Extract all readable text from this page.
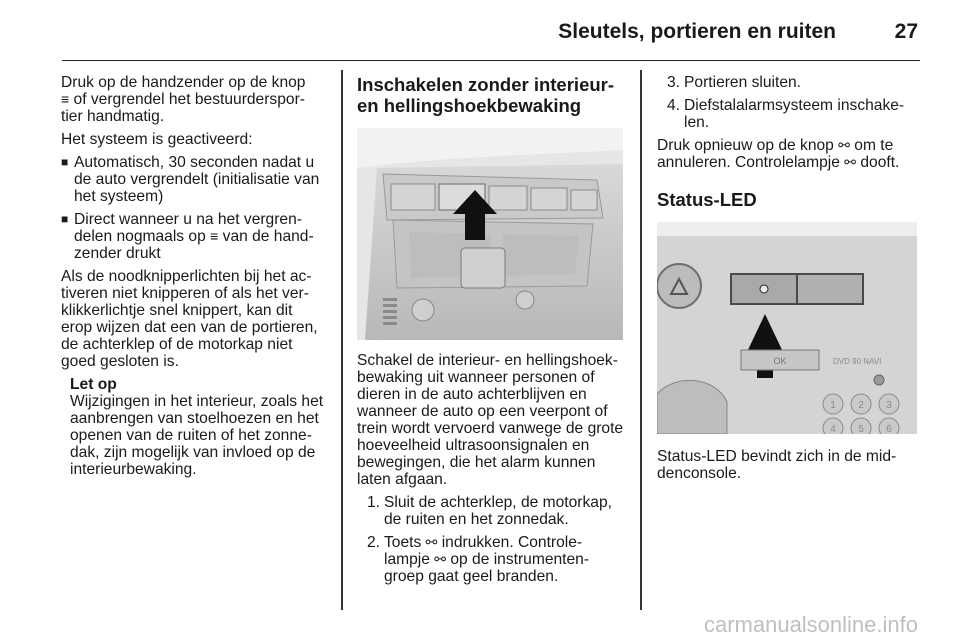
Sleutels, portieren en ruiten	27

Druk op de handzender op de knop
≡ of vergrendel het bestuurderspor- tier handmatig.

Het systeem is geactiveerd:

■ Automatisch, 30 seconden nadat u de auto vergrendelt (initialisatie van het systeem)
■ Direct wanneer u na het vergren- delen nogmaals op ≡ van de hand- zender drukt

Als de noodknipperlichten bij het ac- tiveren niet knipperen of als het ver- klikkerlichtje snel knippert, kan dit erop wijzen dat een van de portieren, de achterklep of de motorkap niet goed gesloten is.

Let op
Wijzigingen in het interieur, zoals het aanbrengen van stoelhoezen en het openen van de ruiten of het zonne- dak, zijn mogelijk van invloed op de interieurbewaking.
Inschakelen zonder interieur- en hellingshoekbewaking

Schakel de interieur- en hellingshoek- bewaking uit wanneer personen of dieren in de auto achterblijven en wanneer de auto op een veerpont of trein wordt vervoerd vanwege de grote hoeveelheid ultrasoonsignalen en bewegingen, die het alarm kunnen laten afgaan.

1. Sluit de achterklep, de motorkap, de ruiten en het zonnedak.
2. Toets ⚯ indrukken. Controle- lampje ⚯ op de instrumenten- groep gaat geel branden.
3. Portieren sluiten.
4. Diefstalalarmsysteem inschake- len.

Druk opnieuw op de knop ⚯ om te annuleren. Controlelampje ⚯ dooft.

Status-LED
OK	DVD 90 NAVI
1 2 3
4 5 6

Status-LED bevindt zich in de mid- denconsole.

carmanualsonline.info
